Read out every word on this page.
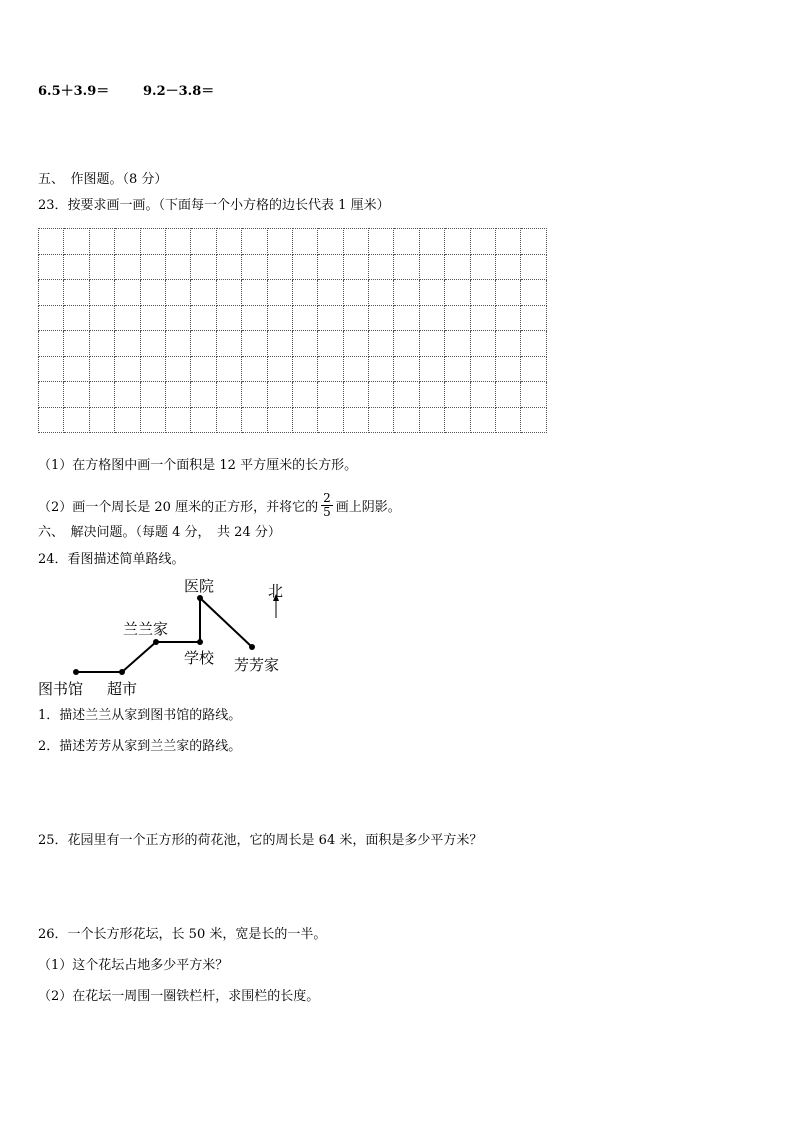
6.5＋3.9＝	9.2－3.8＝
五、　作图题。（8 分）
23．按要求画一画。（下面每一个小方格的边长代表 1 厘米）

（1）在方格图中画一个面积是 12 平方厘米的长方形。
（2）画一个周长是 20 厘米的正方形，并将它的 $\frac{2}{5}$ 画上阴影。
六、　解决问题。（每题 4 分，　共 24 分）
24．看图描述简单路线。
医院	北
兰兰家
学校 芳芳家
图书馆 超市
1．描述兰兰从家到图书馆的路线。
2．描述芳芳从家到兰兰家的路线。
25．花园里有一个正方形的荷花池，它的周长是 64 米，面积是多少平方米？
26．一个长方形花坛，长 50 米，宽是长的一半。
（1）这个花坛占地多少平方米？
（2）在花坛一周围一圈铁栏杆，求围栏的长度。
